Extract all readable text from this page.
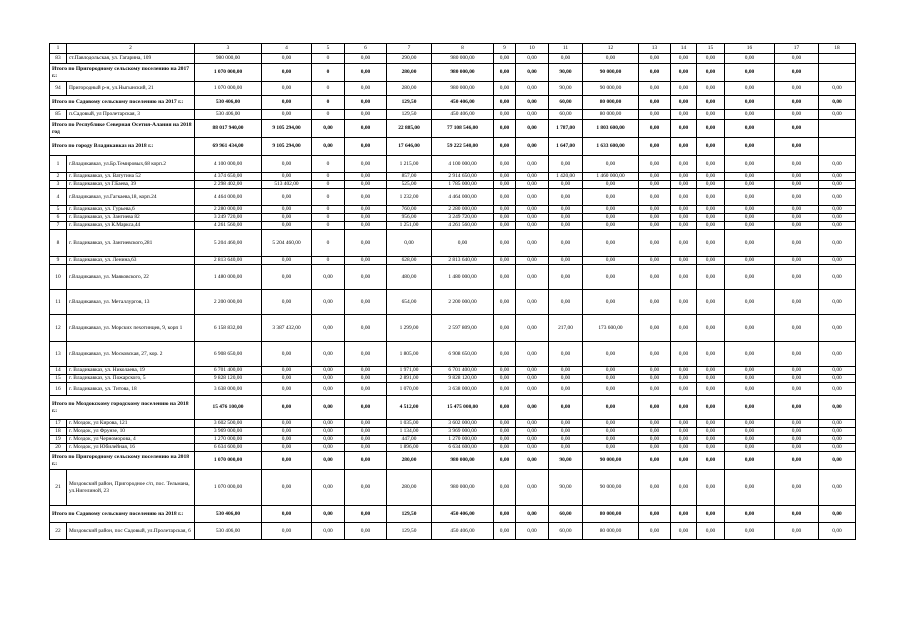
1	2	3	4	5	6	7	8	9	10	11	12	13	14	15	16	17	18
83	ст.Павлодольская, ул. Гагарина, 109	980 000,00	0,00	0	0,00	290,00	980 000,00	0,00	0,00	0,00	0,00	0,00	0,00	0,00	0,00	0,00	
Итого по Пригородному сельскому поселению на 2017 г.:		1 070 000,00	0,00	0	0,00	280,00	980 000,00	0,00	0,00	90,00	90 000,00	0,00	0,00	0,00	0,00	0,00	
94	Пригородный р-н, ул.Ныгынский, 21	1 070 000,00	0,00	0	0,00	280,00	980 000,00	0,00	0,00	90,00	90 000,00	0,00	0,00	0,00	0,00	0,00	0,00
Итого по Садовому сельскому поселению на 2017 г.:		530 406,00	0,00	0	0,00	129,50	450 406,00	0,00	0,00	60,00	80 000,00	0,00	0,00	0,00	0,00	0,00	0,00
85	п.Садовый, ул Пролетарская, 3	530 406,00	0,00	0	0,00	129,50	450 406,00	0,00	0,00	60,00	80 000,00	0,00	0,00	0,00	0,00	0,00	0,00
Итого по Республике Северная Осетия-Алания на 2018 год		88 017 940,00	9 105 294,00	0,00	0,00	22 885,00	77 108 546,00	0,00	0,00	1 787,00	1 803 600,00	0,00	0,00	0,00	0,00	0,00	
Итого по городу Владикавказ на 2018 г.:		69 961 434,00	9 105 294,00	0,00	0,00	17 646,00	59 222 540,00	0,00	0,00	1 647,00	1 633 600,00	0,00	0,00	0,00	0,00	0,00	
1	г.Владикавказ, ул.Бр.Темировых,68 корп.2	4 100 000,00	0,00	0	0,00	1 215,00	4 100 000,00	0,00	0,00	0,00	0,00	0,00	0,00	0,00	0,00	0,00	0,00
2	г. Владикавказ, ул. Ватутина 52	4 374 650,00	0,00	0	0,00	857,00	2 914 650,00	0,00	0,00	1 420,00	1 460 000,00	0,00	0,00	0,00	0,00	0,00	0,00
3	г. Владикавказ, ул Г.Баева, 39	2 298 402,00	513 402,00	0	0,00	525,00	1 785 000,00	0,00	0,00	0,00	0,00	0,00	0,00	0,00	0,00	0,00	0,00
4	г.Владикавказ, ул.Гагкаева,18, корп.24	4 464 000,00	0,00	0	0,00	1 232,00	4 464 000,00	0,00	0,00	0,00	0,00	0,00	0,00	0,00	0,00	0,00	0,00
5	г. Владикавказ, ул. Гурьева,6	2 280 000,00	0,00	0	0,00	760,00	2 280 000,00	0,00	0,00	0,00	0,00	0,00	0,00	0,00	0,00	0,00	0,00
6	г. Владикавказ, ул. Зангиева 82	3 249 720,00	0,00	0	0,00	956,00	3 249 720,00	0,00	0,00	0,00	0,00	0,00	0,00	0,00	0,00	0,00	0,00
7	г. Владикавказ, ул К.Маркса,44	4 261 560,00	0,00	0	0,00	1 251,00	4 261 560,00	0,00	0,00	0,00	0,00	0,00	0,00	0,00	0,00	0,00	0,00
8	г. Владикавказ, ул. Зангиевского,281	5 204 460,00	5 204 460,00	0	0,00	0,00	0,00	0,00	0,00	0,00	0,00	0,00	0,00	0,00	0,00	0,00	0,00
9	г. Владикавказ, ул. Ленина,63	2 813 640,00	0,00	0	0,00	628,00	2 813 640,00	0,00	0,00	0,00	0,00	0,00	0,00	0,00	0,00	0,00	0,00
10	г.Владикавказ, ул. Маяковского, 22	1 480 000,00	0,00	0,00	0,00	480,00	1 480 000,00	0,00	0,00	0,00	0,00	0,00	0,00	0,00	0,00	0,00	0,00
11	г.Владикавказ, ул. Металлургов, 13	2 200 000,00	0,00	0,00	0,00	654,00	2 200 000,00	0,00	0,00	0,00	0,00	0,00	0,00	0,00	0,00	0,00	0,00
12	г.Владикавказ, ул. Морских пехотинцев, 9, корп 1	6 158 832,00	3 387 432,00	0,00	0,00	1 299,00	2 597 809,00	0,00	0,00	217,00	173 600,00	0,00	0,00	0,00	0,00	0,00	0,00
13	г.Владикавказ, ул. Московская, 27, кор. 2	6 908 650,00	0,00	0,00	0,00	1 805,00	6 908 650,00	0,00	0,00	0,00	0,00	0,00	0,00	0,00	0,00	0,00	0,00
14	г. Владикавказ, ул. Николаева, 19	6 701 400,00	0,00	0,00	0,00	1 971,00	6 701 400,00	0,00	0,00	0,00	0,00	0,00	0,00	0,00	0,00	0,00	0,00
15	г. Владикавказ, ул. Пожарского, 5	9 828 120,00	0,00	0,00	0,00	2 891,00	9 828 120,00	0,00	0,00	0,00	0,00	0,00	0,00	0,00	0,00	0,00	0,00
16	г. Владикавказ, ул. Титова, 18	3 638 000,00	0,00	0,00	0,00	1 070,00	3 638 000,00	0,00	0,00	0,00	0,00	0,00	0,00	0,00	0,00	0,00	0,00
Итого по Моздокскому городскому поселению на 2018 г.:		15 476 100,00	0,00	0,00	0,00	4 512,00	15 475 000,00	0,00	0,00	0,00	0,00	0,00	0,00	0,00	0,00	0,00	0,00
17	г. Моздок, ул Кирова, 121	3 602 500,00	0,00	0,00	0,00	1 035,00	3 602 000,00	0,00	0,00	0,00	0,00	0,00	0,00	0,00	0,00	0,00	0,00
18	г. Моздок, ул Фрунзе, 10	3 969 000,00	0,00	0,00	0,00	1 134,00	3 969 000,00	0,00	0,00	0,00	0,00	0,00	0,00	0,00	0,00	0,00	0,00
19	г. Моздок, ул Черноморова, 4	1 270 000,00	0,00	0,00	0,00	447,00	1 270 000,00	0,00	0,00	0,00	0,00	0,00	0,00	0,00	0,00	0,00	0,00
20	г. Моздок, ул Юбилейная, 16	6 634 600,00	0,00	0,00	0,00	1 896,00	6 634 600,00	0,00	0,00	0,00	0,00	0,00	0,00	0,00	0,00	0,00	0,00
Итого по Пригородному сельскому поселению на 2018 г.:		1 070 000,00	0,00	0,00	0,00	280,00	980 000,00	0,00	0,00	90,00	90 000,00	0,00	0,00	0,00	0,00	0,00	0,00
21	Моздокский район, Пригородное с/п, пос. Тельмана, ул.Нигелиной, 23	1 070 000,00	0,00	0,00	0,00	280,00	980 000,00	0,00	0,00	90,00	90 000,00	0,00	0,00	0,00	0,00	0,00	0,00
Итого по Садовому сельскому поселению на 2018 г.:		530 406,00	0,00	0,00	0,00	129,50	450 406,00	0,00	0,00	60,00	80 000,00	0,00	0,00	0,00	0,00	0,00	0,00
22	Моздокский район, пос Садовый, ул.Пролетарская, 6	530 406,00	0,00	0,00	0,00	129,50	450 406,00	0,00	0,00	60,00	80 000,00	0,00	0,00	0,00	0,00	0,00	0,00
